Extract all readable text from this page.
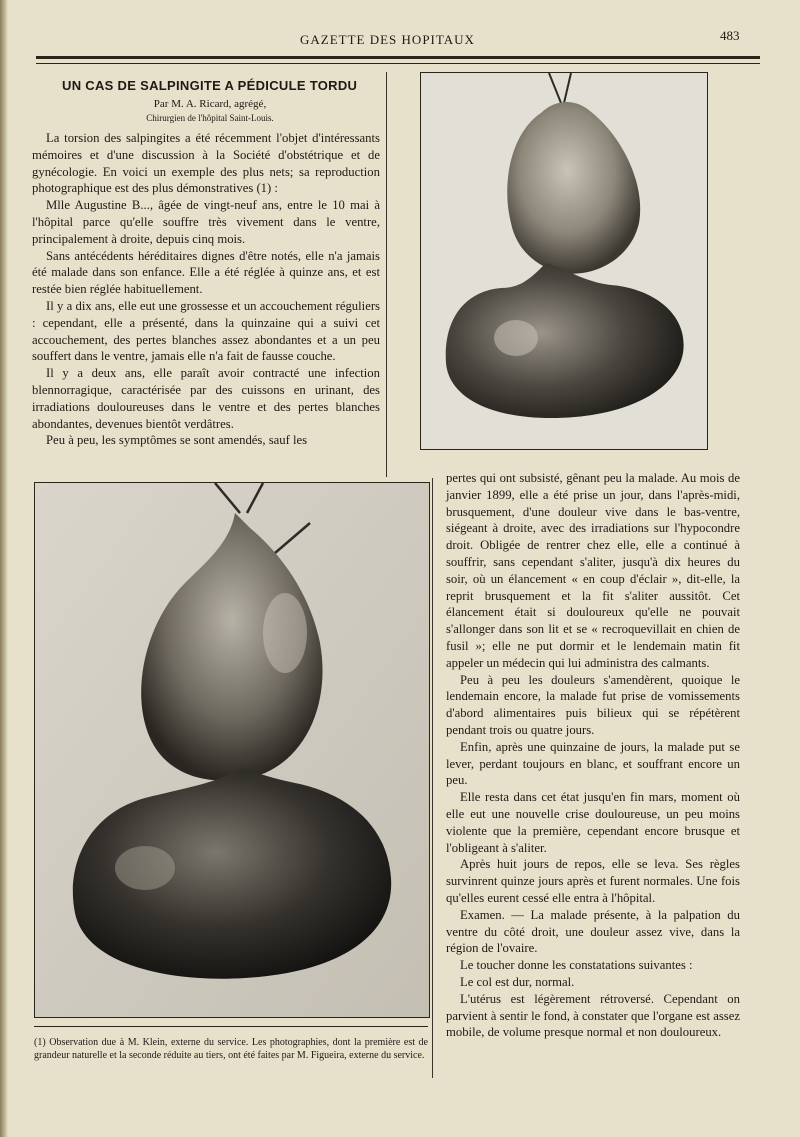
GAZETTE DES HOPITAUX	483
UN CAS DE SALPINGITE A PÉDICULE TORDU
Par M. A. Ricard, agrégé,
Chirurgien de l'hôpital Saint-Louis.

La torsion des salpingites a été récemment l'objet d'intéressants mémoires et d'une discussion à la Société d'obstétrique et de gynécologie. En voici un exemple des plus nets; sa reproduction photographique est des plus démonstratives (1) :

Mlle Augustine B..., âgée de vingt-neuf ans, entre le 10 mai à l'hôpital parce qu'elle souffre très vivement dans le ventre, principalement à droite, depuis cinq mois.

Sans antécédents héréditaires dignes d'être notés, elle n'a jamais été malade dans son enfance. Elle a été réglée à quinze ans, et est restée bien réglée habituellement.

Il y a dix ans, elle eut une grossesse et un accouchement réguliers : cependant, elle a présenté, dans la quinzaine qui a suivi cet accouchement, des pertes blanches assez abondantes et a un peu souffert dans le ventre, jamais elle n'a fait de fausse couche.

Il y a deux ans, elle paraît avoir contracté une infection blennorragique, caractérisée par des cuissons en urinant, des irradiations douloureuses dans le ventre et des pertes blanches abondantes, devenues bientôt verdâtres.

Peu à peu, les symptômes se sont amendés, sauf les

pertes qui ont subsisté, gênant peu la malade. Au mois de janvier 1899, elle a été prise un jour, dans l'après-midi, brusquement, d'une douleur vive dans le bas-ventre, siégeant à droite, avec des irradiations sur l'hypocondre droit. Obligée de rentrer chez elle, elle a continué à souffrir, sans cependant s'aliter, jusqu'à dix heures du soir, où un élancement « en coup d'éclair », dit-elle, la reprit brusquement et la fit s'aliter aussitôt. Cet élancement était si douloureux qu'elle ne pouvait s'allonger dans son lit et se « recroquevillait en chien de fusil »; elle ne put dormir et le lendemain matin fit appeler un médecin qui lui administra des calmants.

Peu à peu les douleurs s'amendèrent, quoique le lendemain encore, la malade fut prise de vomissements d'abord alimentaires puis bilieux qui se répétèrent pendant trois ou quatre jours.

Enfin, après une quinzaine de jours, la malade put se lever, perdant toujours en blanc, et souffrant encore un peu.

Elle resta dans cet état jusqu'en fin mars, moment où elle eut une nouvelle crise douloureuse, un peu moins violente que la première, cependant encore brusque et l'obligeant à s'aliter.

Après huit jours de repos, elle se leva. Ses règles survinrent quinze jours après et furent normales. Une fois qu'elles eurent cessé elle entra à l'hôpital.

Examen. — La malade présente, à la palpation du ventre du côté droit, une douleur assez vive, dans la région de l'ovaire.

Le toucher donne les constatations suivantes :

Le col est dur, normal.

L'utérus est légèrement rétroversé. Cependant on parvient à sentir le fond, à constater que l'organe est assez mobile, de volume presque normal et non douloureux.

(1) Observation due à M. Klein, externe du service. Les photographies, dont la première est de grandeur naturelle et la seconde réduite au tiers, ont été faites par M. Figueira, externe du service.
